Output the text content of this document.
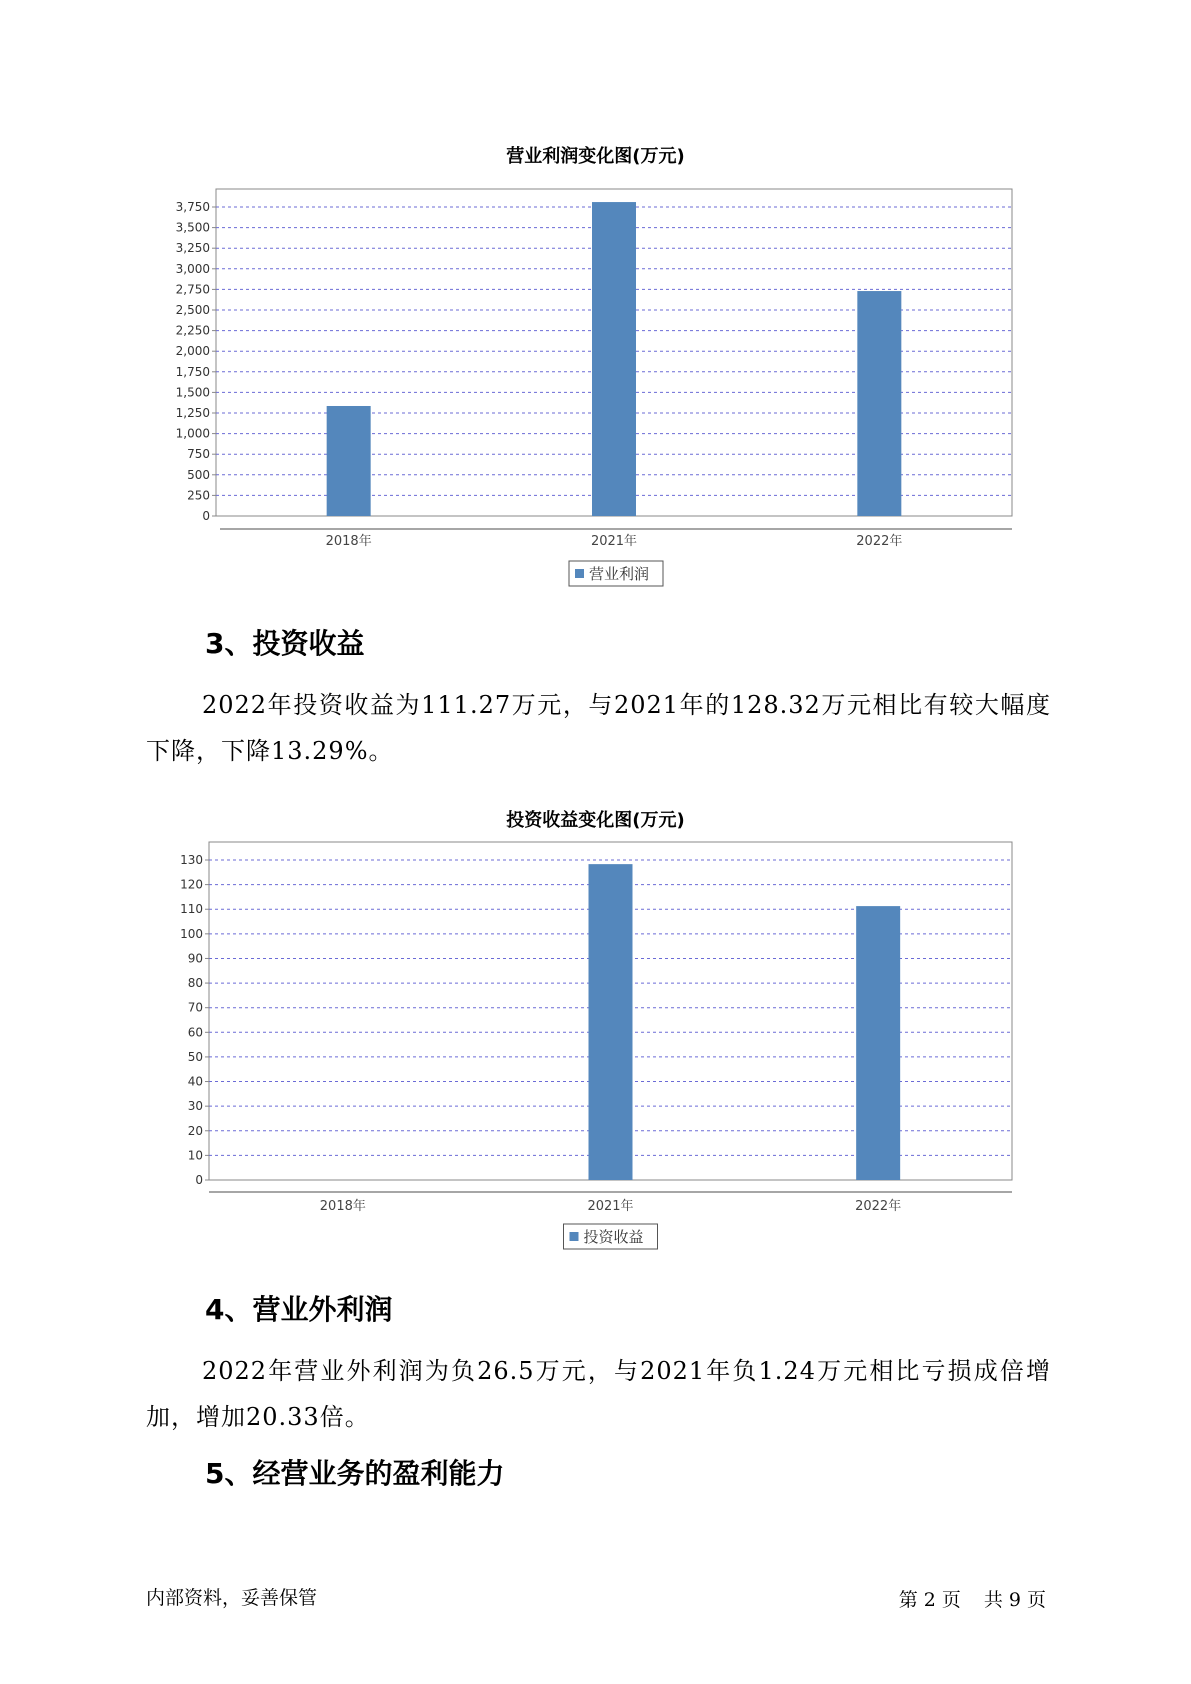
营业利润变化图(万元)
0
250
500
750
1,000
1,250
1,500
1,750
2,000
2,250
2,500
2,750
3,000
3,250
3,500
3,750
2018年	2021年	2022年
营业利润
3、投资收益

2022年投资收益为111.27万元，与2021年的128.32万元相比有较大幅度下降，下降13.29%。

投资收益变化图(万元)
0
10
20
30
40
50
60
70
80
90
100
110
120
130
2018年	2021年	2022年
投资收益
4、营业外利润

2022年营业外利润为负26.5万元，与2021年负1.24万元相比亏损成倍增加，增加20.33倍。

5、经营业务的盈利能力
内部资料，妥善保管	第 2 页 共 9 页
